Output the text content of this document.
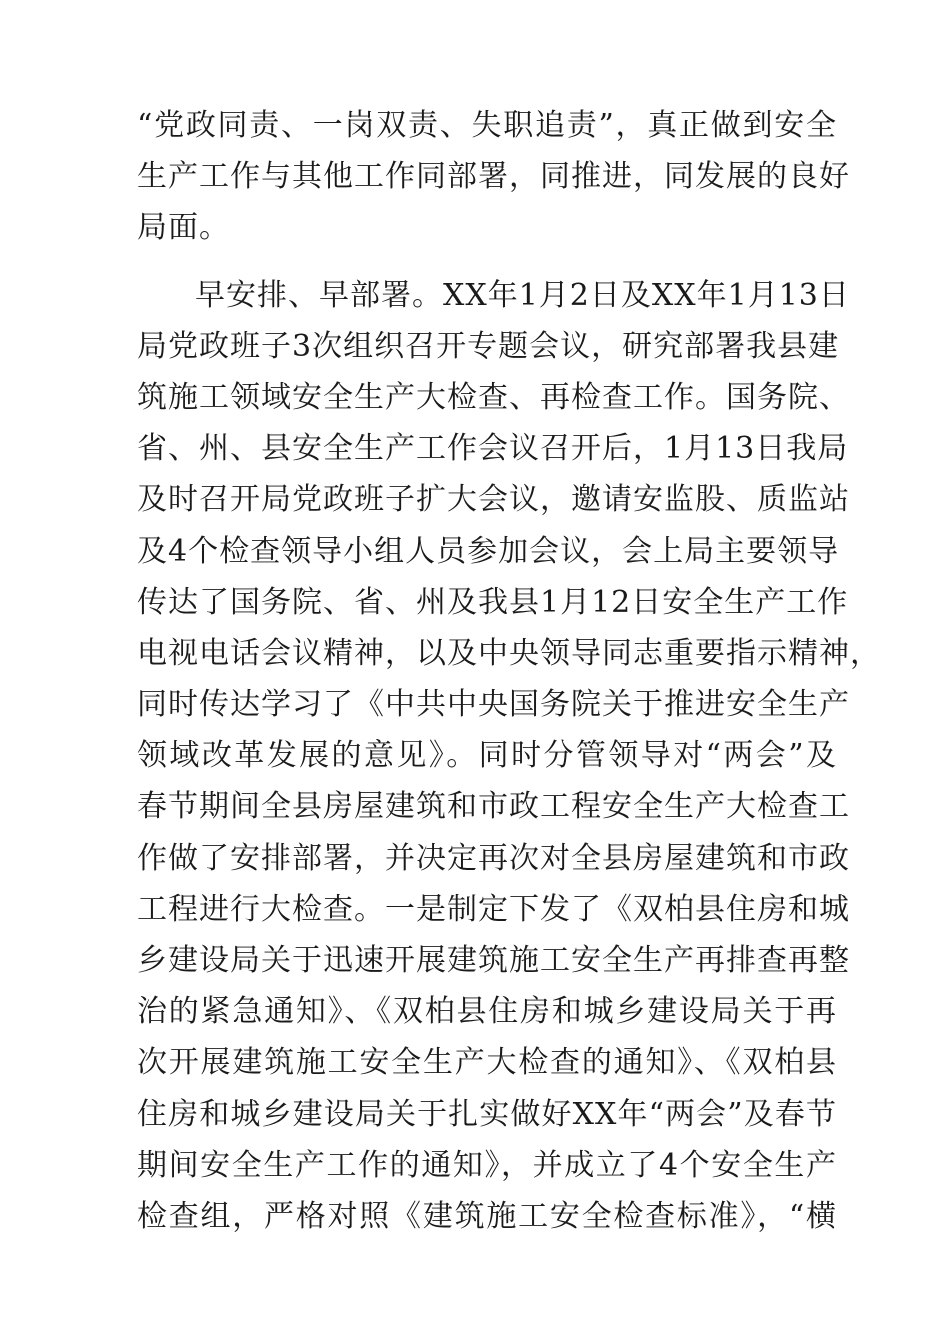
“党政同责、一岗双责、失职追责”，真正做到安全
生产工作与其他工作同部署，同推进，同发展的良好
局面。
早安排、早部署。XX年1月2日及XX年1月13日
局党政班子3次组织召开专题会议，研究部署我县建
筑施工领域安全生产大检查、再检查工作。国务院、
省、州、县安全生产工作会议召开后，1月13日我局
及时召开局党政班子扩大会议，邀请安监股、质监站
及4个检查领导小组人员参加会议，会上局主要领导
传达了国务院、省、州及我县1月12日安全生产工作
电视电话会议精神，以及中央领导同志重要指示精神，
同时传达学习了《中共中央国务院关于推进安全生产
领域改革发展的意见》。同时分管领导对“两会”及
春节期间全县房屋建筑和市政工程安全生产大检查工
作做了安排部署，并决定再次对全县房屋建筑和市政
工程进行大检查。一是制定下发了《双柏县住房和城
乡建设局关于迅速开展建筑施工安全生产再排查再整
治的紧急通知》、《双柏县住房和城乡建设局关于再
次开展建筑施工安全生产大检查的通知》、《双柏县
住房和城乡建设局关于扎实做好XX年“两会”及春节
期间安全生产工作的通知》，并成立了4个安全生产
检查组，严格对照《建筑施工安全检查标准》，“横
